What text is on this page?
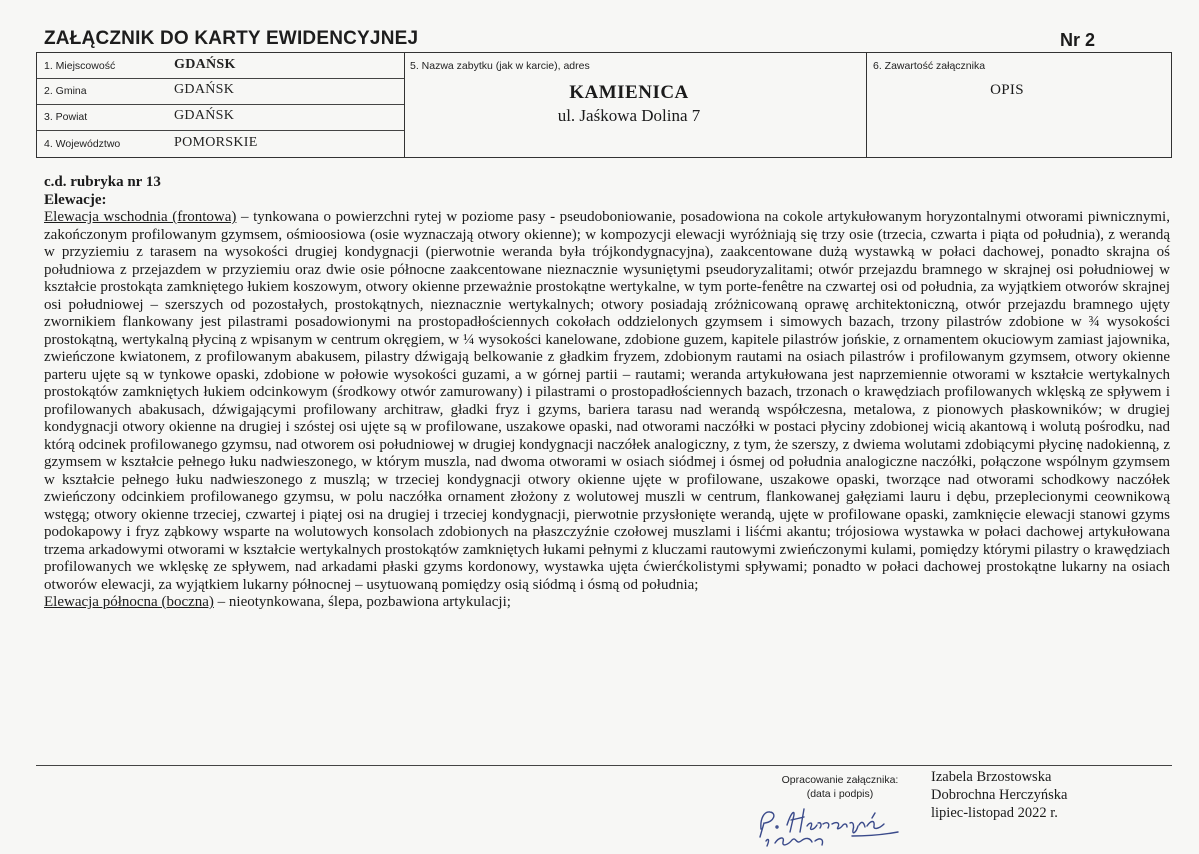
ZAŁĄCZNIK DO KARTY EWIDENCYJNEJ	Nr 2
1. Miejscowość	GDAŃSK
2. Gmina	GDAŃSK
3. Powiat	GDAŃSK
4. Województwo	POMORSKIE
5. Nazwa zabytku (jak w karcie), adres
KAMIENICA
ul. Jaśkowa Dolina 7
6. Zawartość załącznika
OPIS
c.d. rubryka nr 13
Elewacje:
Elewacja wschodnia (frontowa) – tynkowana o powierzchni rytej w poziome pasy - pseudoboniowanie, posadowiona na cokole artykułowanym horyzontalnymi otworami piwnicznymi, zakończonym profilowanym gzymsem, ośmioosiowa (osie wyznaczają otwory okienne); w kompozycji elewacji wyróżniają się trzy osie (trzecia, czwarta i piąta od południa), z werandą w przyziemiu z tarasem na wysokości drugiej kondygnacji (pierwotnie weranda była trójkondygnacyjna), zaakcentowane dużą wystawką w połaci dachowej, ponadto skrajna oś południowa z przejazdem w przyziemiu oraz dwie osie północne zaakcentowane nieznacznie wysuniętymi pseudoryzalitami; otwór przejazdu bramnego w skrajnej osi południowej w kształcie prostokąta zamkniętego łukiem koszowym, otwory okienne przeważnie prostokątne wertykalne, w tym porte-fenêtre na czwartej osi od południa, za wyjątkiem otworów skrajnej osi południowej – szerszych od pozostałych, prostokątnych, nieznacznie wertykalnych; otwory posiadają zróżnicowaną oprawę architektoniczną, otwór przejazdu bramnego ujęty zwornikiem flankowany jest pilastrami posadowionymi na prostopadłościennych cokołach oddzielonych gzymsem i simowych bazach, trzony pilastrów zdobione w ¾ wysokości prostokątną, wertykalną płyciną z wpisanym w centrum okręgiem, w ¼ wysokości kanelowane, zdobione guzem, kapitele pilastrów jońskie, z ornamentem okuciowym zamiast jajownika, zwieńczone kwiatonem, z profilowanym abakusem, pilastry dźwigają belkowanie z gładkim fryzem, zdobionym rautami na osiach pilastrów i profilowanym gzymsem, otwory okienne parteru ujęte są w tynkowe opaski, zdobione w połowie wysokości guzami, a w górnej partii – rautami; weranda artykułowana jest naprzemiennie otworami w kształcie wertykalnych prostokątów zamkniętych łukiem odcinkowym (środkowy otwór zamurowany) i pilastrami o prostopadłościennych bazach, trzonach o krawędziach profilowanych wklęską ze spływem i profilowanych abakusach, dźwigającymi profilowany architraw, gładki fryz i gzyms, bariera tarasu nad werandą współczesna, metalowa, z pionowych płaskowników; w drugiej kondygnacji otwory okienne na drugiej i szóstej osi ujęte są w profilowane, uszakowe opaski, nad otworami naczółki w postaci płyciny zdobionej wicią akantową i wolutą pośrodku, nad którą odcinek profilowanego gzymsu, nad otworem osi południowej w drugiej kondygnacji naczółek analogiczny, z tym, że szerszy, z dwiema wolutami zdobiącymi płycinę nadokienną, z gzymsem w kształcie pełnego łuku nadwieszonego, w którym muszla, nad dwoma otworami w osiach siódmej i ósmej od południa analogiczne naczółki, połączone wspólnym gzymsem w kształcie pełnego łuku nadwieszonego z muszlą; w trzeciej kondygnacji otwory okienne ujęte w profilowane, uszakowe opaski, tworzące nad otworami schodkowy naczółek zwieńczony odcinkiem profilowanego gzymsu, w polu naczółka ornament złożony z wolutowej muszli w centrum, flankowanej gałęziami lauru i dębu, przeplecionymi ceownikową wstęgą; otwory okienne trzeciej, czwartej i piątej osi na drugiej i trzeciej kondygnacji, pierwotnie przysłonięte werandą, ujęte w profilowane opaski, zamknięcie elewacji stanowi gzyms podokapowy i fryz ząbkowy wsparte na wolutowych konsolach zdobionych na płaszczyźnie czołowej muszlami i liśćmi akantu; trójosiowa wystawka w połaci dachowej artykułowana trzema arkadowymi otworami w kształcie wertykalnych prostokątów zamkniętych łukami pełnymi z kluczami rautowymi zwieńczonymi kulami, pomiędzy którymi pilastry o krawędziach profilowanych we wklęskę ze spływem, nad arkadami płaski gzyms kordonowy, wystawka ujęta ćwierćkolistymi spływami; ponadto w połaci dachowej prostokątne lukarny na osiach otworów elewacji, za wyjątkiem lukarny północnej – usytuowaną pomiędzy osią siódmą i ósmą od południa;
Elewacja północna (boczna) – nieotynkowana, ślepa, pozbawiona artykulacji;
Opracowanie załącznika:
(data i podpis)
Izabela Brzostowska
Dobrochna Herczyńska
lipiec-listopad 2022 r.
